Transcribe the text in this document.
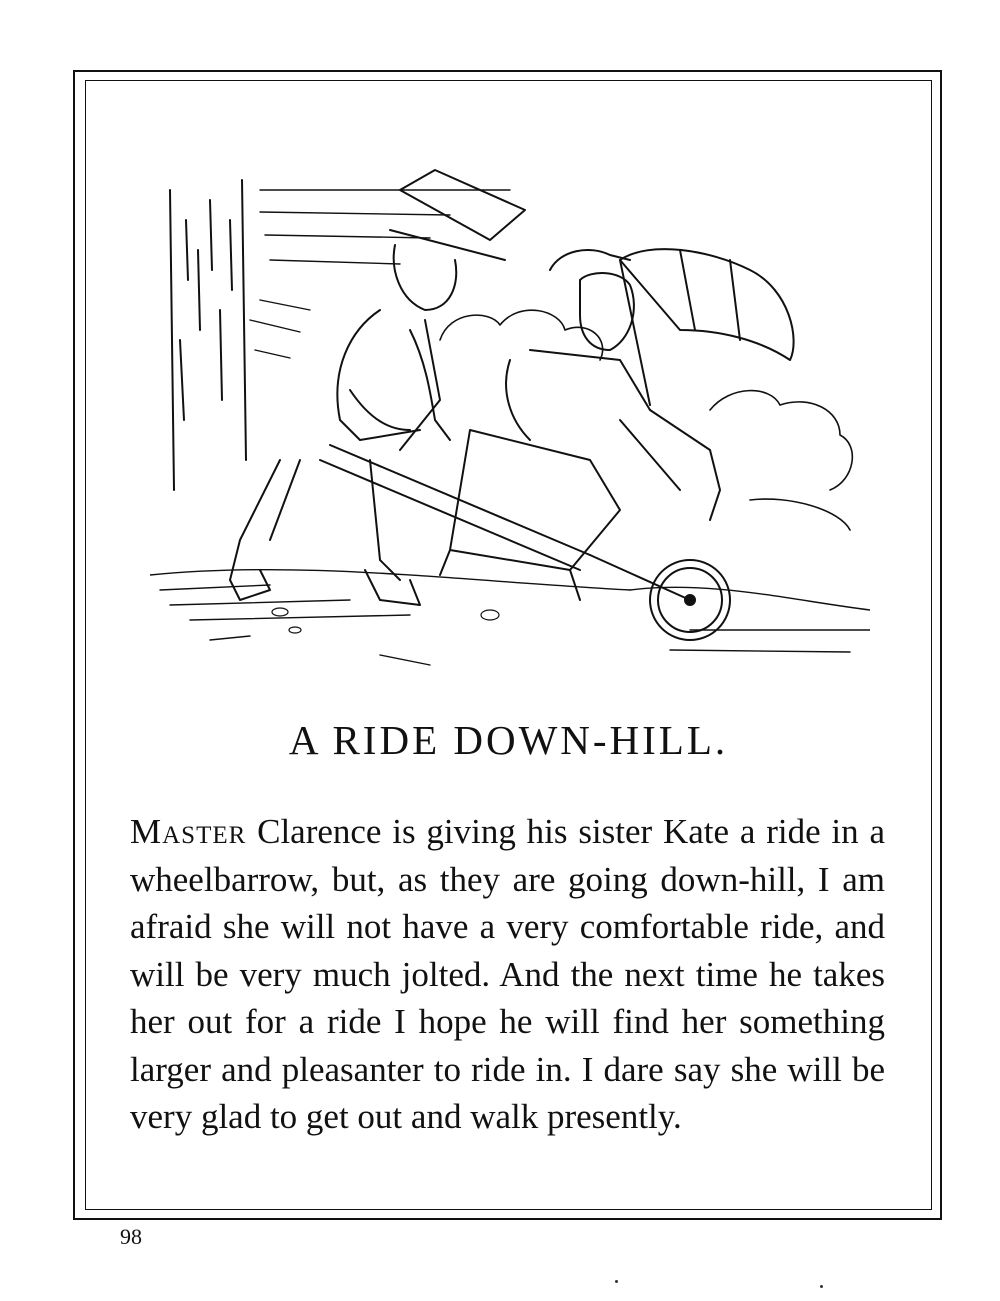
A RIDE DOWN-HILL.

Master Clarence is giving his sister Kate a ride in a wheelbarrow, but, as they are going down-hill, I am afraid she will not have a very comfortable ride, and will be very much jolted. And the next time he takes her out for a ride I hope he will find her something larger and pleasanter to ride in. I dare say she will be very glad to get out and walk presently.

98
